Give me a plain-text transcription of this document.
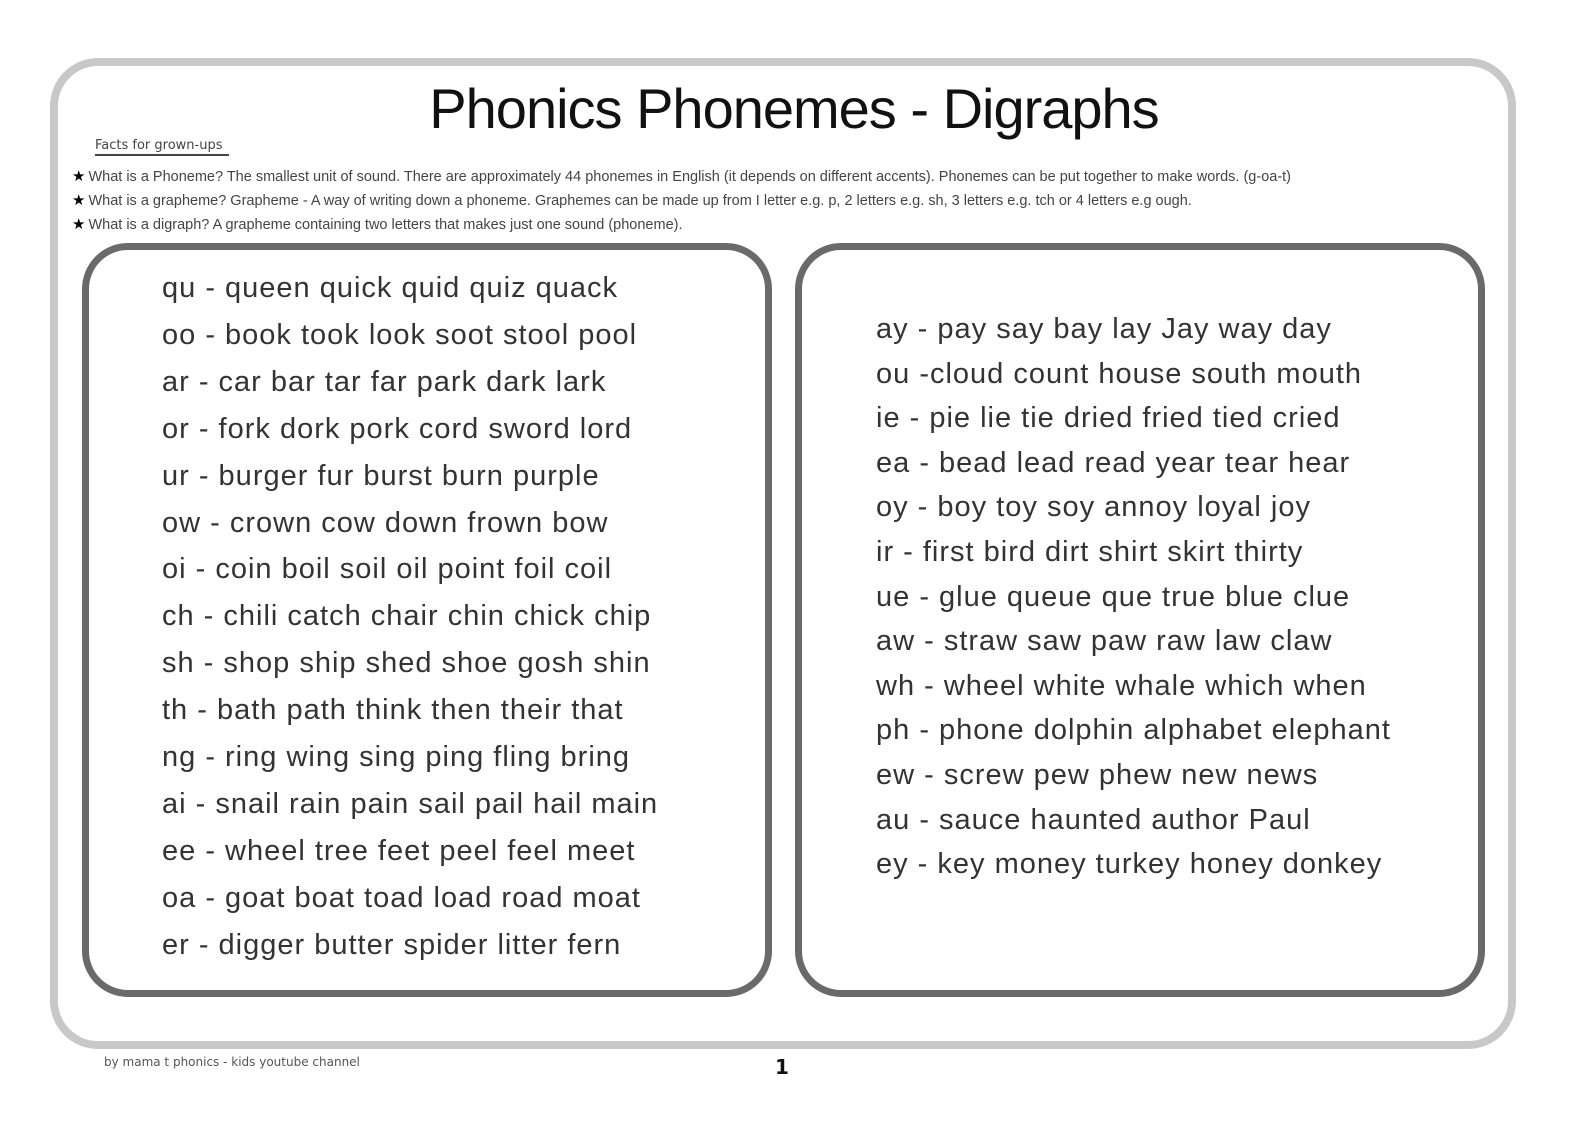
Phonics Phonemes - Digraphs
Facts for grown-ups
★ What is a Phoneme? The smallest unit of sound. There are approximately 44 phonemes in English (it depends on different accents). Phonemes can be put together to make words. (g-oa-t)
★ What is a grapheme? Grapheme - A way of writing down a phoneme. Graphemes can be made up from I letter e.g. p, 2 letters e.g. sh, 3 letters e.g. tch or 4 letters e.g ough.
★ What is a digraph? A grapheme containing two letters that makes just one sound (phoneme).
qu - queen quick quid quiz quack
oo - book took look soot stool pool
ar - car bar tar far park dark lark
or - fork dork pork cord sword lord
ur - burger fur burst burn purple
ow - crown cow down frown bow
oi - coin boil soil oil point foil coil
ch - chili catch chair chin chick chip
sh - shop ship shed shoe gosh shin
th - bath path think then their that
ng - ring wing sing ping fling bring
ai - snail rain pain sail pail hail main
ee - wheel tree feet peel feel meet
oa - goat boat toad load road moat
er - digger butter spider litter fern
ay - pay say bay lay Jay way day
ou -cloud count house south mouth
ie - pie lie tie dried fried tied cried
ea - bead lead read year tear hear
oy - boy toy soy annoy loyal joy
ir - first bird dirt shirt skirt thirty
ue - glue queue que true blue clue
aw - straw saw paw raw law claw
wh - wheel white whale which when
ph - phone dolphin alphabet elephant
ew - screw pew phew new news
au - sauce haunted author Paul
ey - key money turkey honey donkey
by mama t phonics - kids youtube channel	1
